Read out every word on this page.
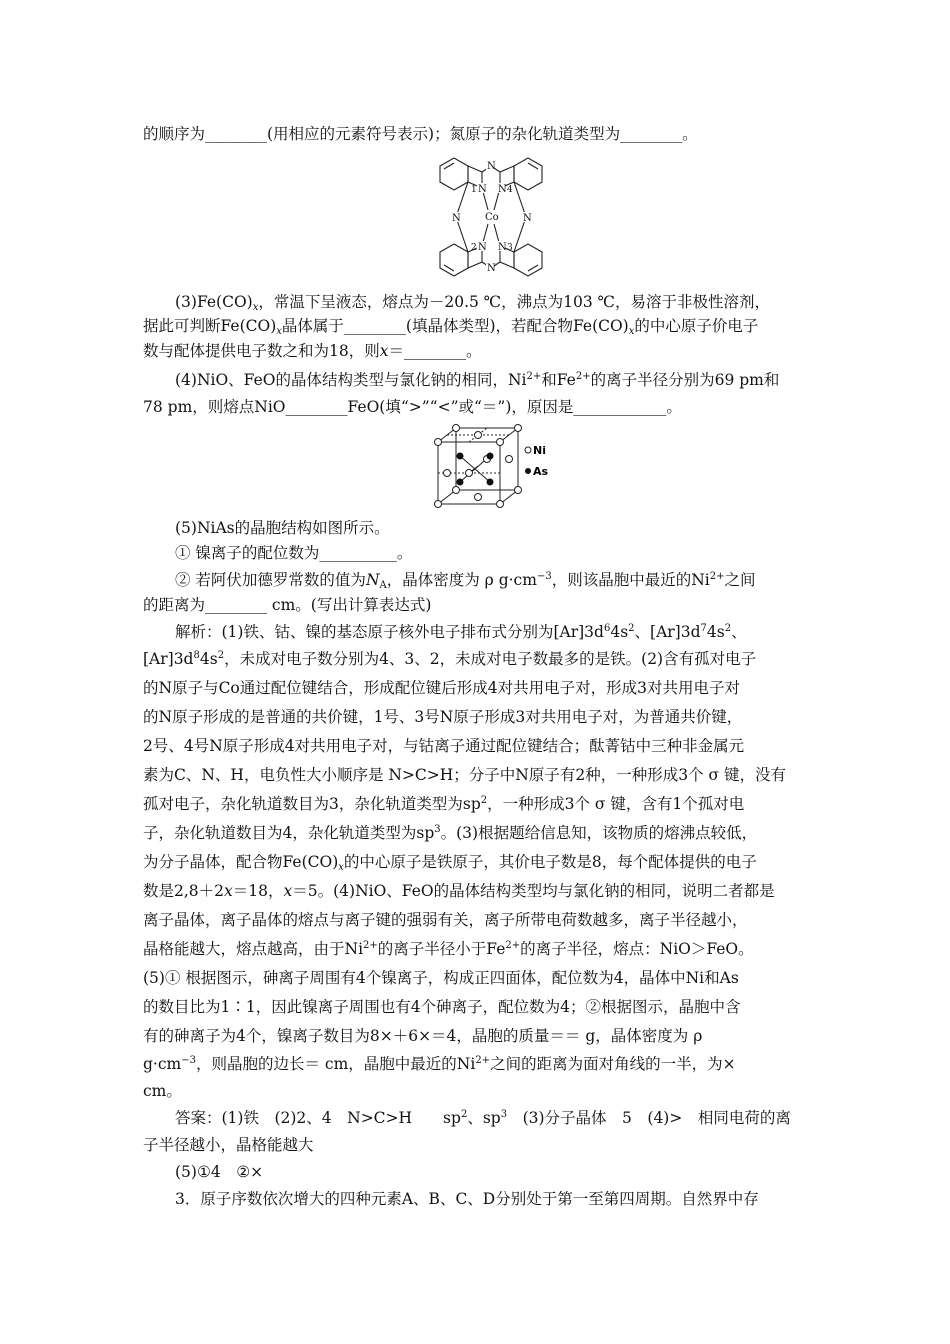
的顺序为________(用相应的元素符号表示)；氮原子的杂化轨道类型为________。
Co
N
N
N	N
N N
N N
1	4
2	3
$(3)Fe(CO)_x$，常温下呈液态，熔点为－20.5 ℃，沸点为103 ℃，易溶于非极性溶剂，
据此可判断$Fe(CO)_x$晶体属于________(填晶体类型)，若配合物$Fe(CO)_x$的中心原子价电子
数与配体提供电子数之和为18，则x＝________。
(4)NiO、FeO的晶体结构类型与氯化钠的相同，$Ni^{2+}$和$Fe^{2+}$的离子半径分别为69 pm和
78 pm，则熔点NiO________FeO(填“>”“<”或“＝”)，原因是____________。
Ni
As
(5)NiAs的晶胞结构如图所示。
① 镍离子的配位数为__________。
② 若阿伏加德罗常数的值为$N_A$，晶体密度为 ρ $g\cdot cm^{-3}$，则该晶胞中最近的$Ni^{2+}$之间
的距离为________ cm。(写出计算表达式)
解析：(1)铁、钴、镍的基态原子核外电子排布式分别为$[Ar]3d^64s^2$、$[Ar]3d^74s^2$、
$[Ar]3d^84s^2$，未成对电子数分别为4、3、2，未成对电子数最多的是铁。(2)含有孤对电子
的N原子与Co通过配位键结合，形成配位键后形成4对共用电子对，形成3对共用电子对
的N原子形成的是普通的共价键，1号、3号N原子形成3对共用电子对，为普通共价键，
2号、4号N原子形成4对共用电子对，与钴离子通过配位键结合；酞菁钴中三种非金属元
素为C、N、H，电负性大小顺序是 N>C>H；分子中N原子有2种，一种形成3个 σ 键，没有
孤对电子，杂化轨道数目为3，杂化轨道类型为$sp^2$，一种形成3个 σ 键，含有1个孤对电
子，杂化轨道数目为4，杂化轨道类型为$sp^3$。(3)根据题给信息知，该物质的熔沸点较低，
为分子晶体，配合物$Fe(CO)_x$的中心原子是铁原子，其价电子数是8，每个配体提供的电子
数是2,8＋2x＝18，x＝5。(4)NiO、FeO的晶体结构类型均与氯化钠的相同，说明二者都是
离子晶体，离子晶体的熔点与离子键的强弱有关，离子所带电荷数越多，离子半径越小，
晶格能越大，熔点越高，由于$Ni^{2+}$的离子半径小于$Fe^{2+}$的离子半径，熔点：NiO＞FeO。
(5)① 根据图示，砷离子周围有4个镍离子，构成正四面体，配位数为4，晶体中Ni和As
的数目比为1∶1，因此镍离子周围也有4个砷离子，配位数为4；②根据图示，晶胞中含
有的砷离子为4个，镍离子数目为8×＋6×＝4，晶胞的质量＝＝ g，晶体密度为 ρ
$g\cdot cm^{-3}$，则晶胞的边长＝ cm，晶胞中最近的$Ni^{2+}$之间的距离为面对角线的一半，为×
cm。
答案：(1)铁　(2)2、4　N>C>H　　$sp^2$、$sp^3$　(3)分子晶体　5　(4)>　相同电荷的离
子半径越小，晶格能越大
(5)①4　②×
3．原子序数依次增大的四种元素A、B、C、D分别处于第一至第四周期。自然界中存
